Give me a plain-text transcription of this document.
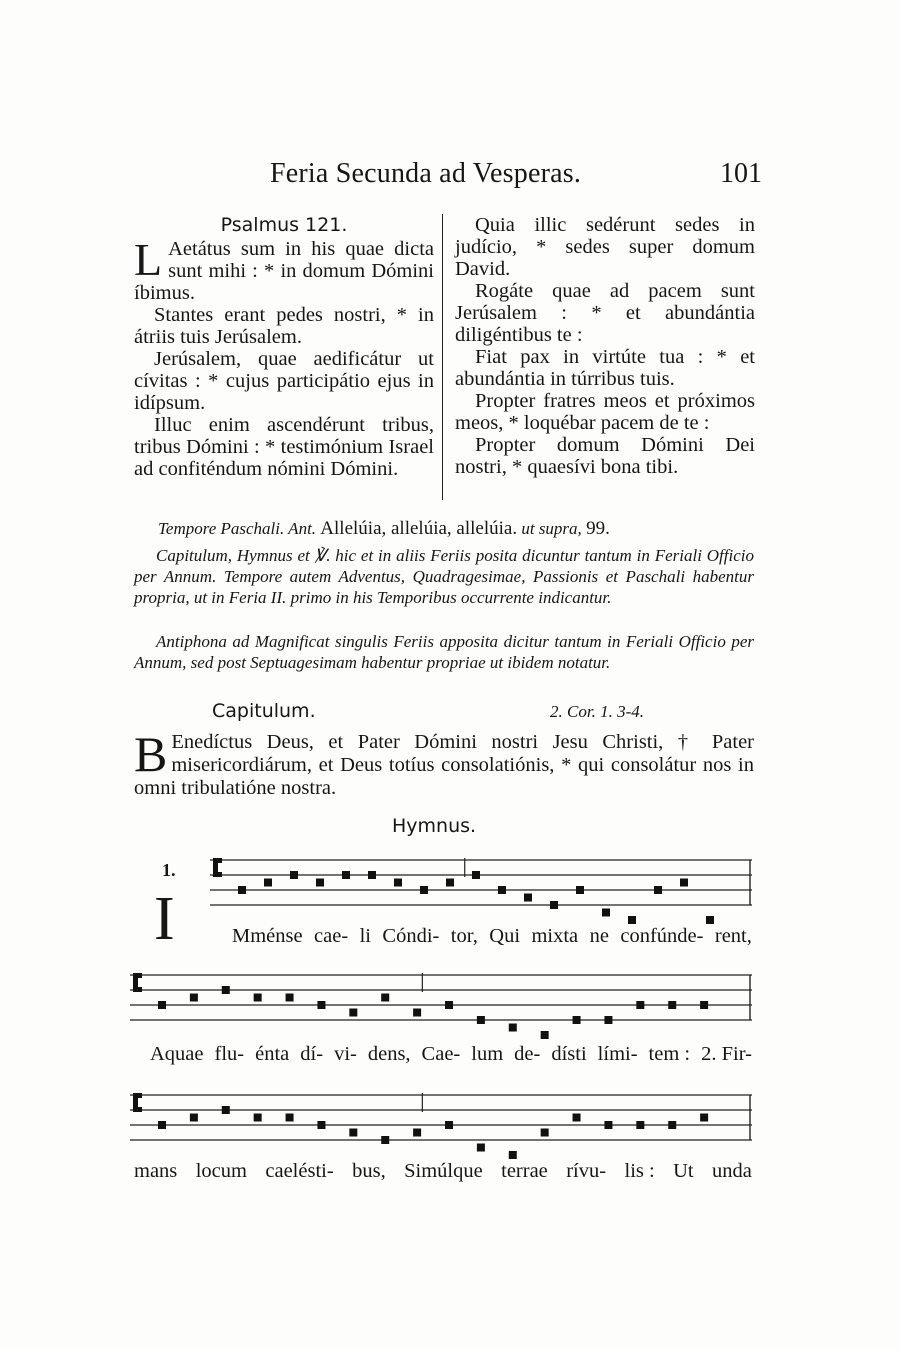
Feria Secunda ad Vesperas.	101
Psalmus 121.

L Aetátus sum in his quae dicta sunt mihi : * in domum Dómini íbimus.

Stantes erant pedes nostri, * in átriis tuis Jerúsalem.

Jerúsalem, quae aedificátur ut cívitas : * cujus participátio ejus in idípsum.

Illuc enim ascendérunt tribus, tribus Dómini : * testimónium Israel ad confiténdum nómini Dómini.

Quia illic sedérunt sedes in judício, * sedes super domum David.

Rogáte quae ad pacem sunt Jerúsalem : * et abundántia diligéntibus te :

Fiat pax in virtúte tua : * et abundántia in túrribus tuis.

Propter fratres meos et próximos meos, * loquébar pacem de te :

Propter domum Dómini Dei nostri, * quaesívi bona tibi.

Tempore Paschali. Ant. Allelúia, allelúia, allelúia. ut supra, 99.
Capitulum, Hymnus et ℣. hic et in aliis Feriis posita dicuntur tantum in Feriali Officio per Annum. Tempore autem Adventus, Quadragesimae, Passionis et Paschali habentur propria, ut in Feria II. primo in his Temporibus occurrente indicantur.
Antiphona ad Magnificat singulis Feriis apposita dicitur tantum in Feriali Officio per Annum, sed post Septuagesimam habentur propriae ut ibidem notatur.
Capitulum.	2. Cor. 1. 3-4.
B Enedíctus Deus, et Pater Dómini nostri Jesu Christi, † Pater misericordiárum, et Deus totíus consolatiónis, * qui consolátur nos in omni tribulatióne nostra.
Hymnus.
1.
I	Mménse cae- li Cóndi- tor, Qui mixta ne confúnde- rent,
Aquae flu- énta dí- vi- dens, Cae- lum de- dísti lími- tem : 2. Fir-
mans locum caelésti- bus, Simúlque terrae rívu- lis : Ut unda
